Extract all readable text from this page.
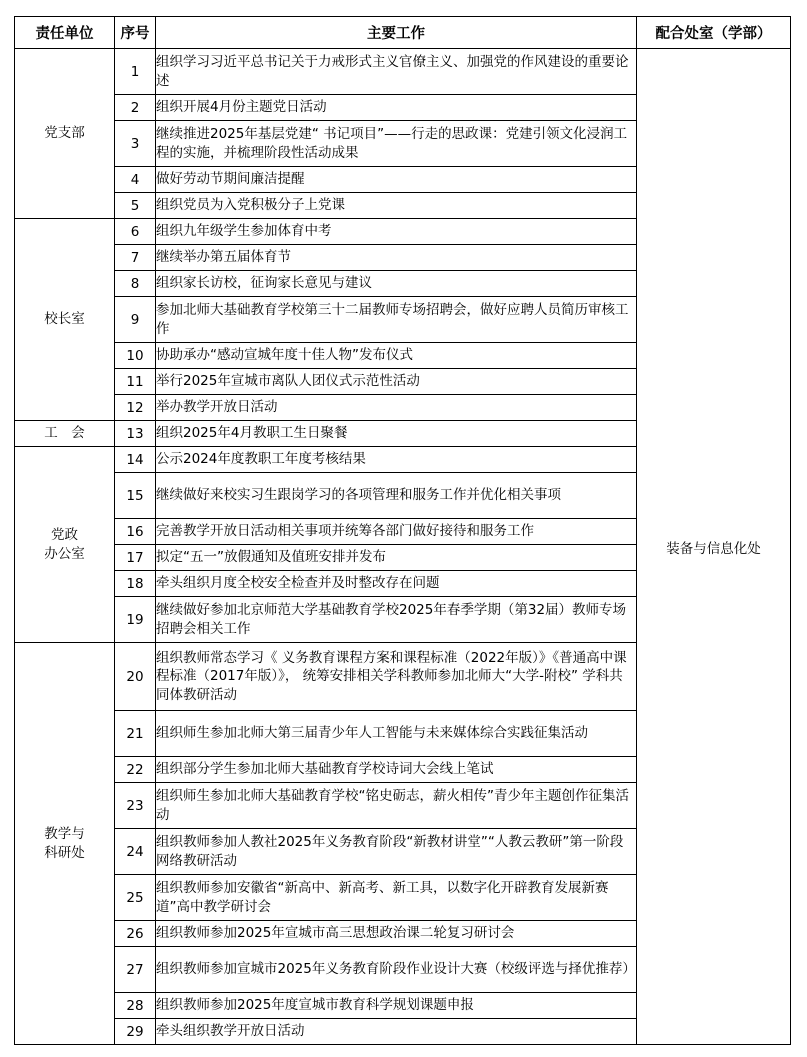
责任单位	序号	主要工作	配合处室（学部）
党支部	1	组织学习习近平总书记关于力戒形式主义官僚主义、加强党的作风建设的重要论述	装备与信息化处
	2	组织开展4月份主题党日活动	
	3	继续推进2025年基层党建“ 书记项目”——行走的思政课：党建引领文化浸润工程的实施，并梳理阶段性活动成果	
	4	做好劳动节期间廉洁提醒	
	5	组织党员为入党积极分子上党课	
校长室	6	组织九年级学生参加体育中考	
	7	继续举办第五届体育节	
	8	组织家长访校，征询家长意见与建议	
	9	参加北师大基础教育学校第三十二届教师专场招聘会，做好应聘人员简历审核工作	
	10	协助承办“感动宣城年度十佳人物”发布仪式	
	11	举行2025年宣城市离队人团仪式示范性活动	
	12	举办教学开放日活动	
工　会	13	组织2025年4月教职工生日聚餐	
党政
办公室	14	公示2024年度教职工年度考核结果	
	15	继续做好来校实习生跟岗学习的各项管理和服务工作并优化相关事项	
	16	完善教学开放日活动相关事项并统筹各部门做好接待和服务工作	
	17	拟定“五一”放假通知及值班安排并发布	
	18	牵头组织月度全校安全检查并及时整改存在问题	
	19	继续做好参加北京师范大学基础教育学校2025年春季学期（第32届）教师专场招聘会相关工作	
教学与
科研处	20	组织教师常态学习《 义务教育课程方案和课程标准（2022年版）》《普通高中课程标准（2017年版）》， 统筹安排相关学科教师参加北师大“大学-附校” 学科共 同体教研活动	
	21	组织师生参加北师大第三届青少年人工智能与未来媒体综合实践征集活动	
	22	组织部分学生参加北师大基础教育学校诗词大会线上笔试	
	23	组织师生参加北师大基础教育学校“铭史砺志，薪火相传”青少年主题创作征集活动	
	24	组织教师参加人教社2025年义务教育阶段“新教材讲堂”“人教云教研”第一阶段网络教研活动	
	25	组织教师参加安徽省“新高中、新高考、新工具，以数字化开辟教育发展新赛道”高中教学研讨会	
	26	组织教师参加2025年宣城市高三思想政治课二轮复习研讨会	
	27	组织教师参加宣城市2025年义务教育阶段作业设计大赛（校级评选与择优推荐）	
	28	组织教师参加2025年度宣城市教育科学规划课题申报	
	29	牵头组织教学开放日活动	
